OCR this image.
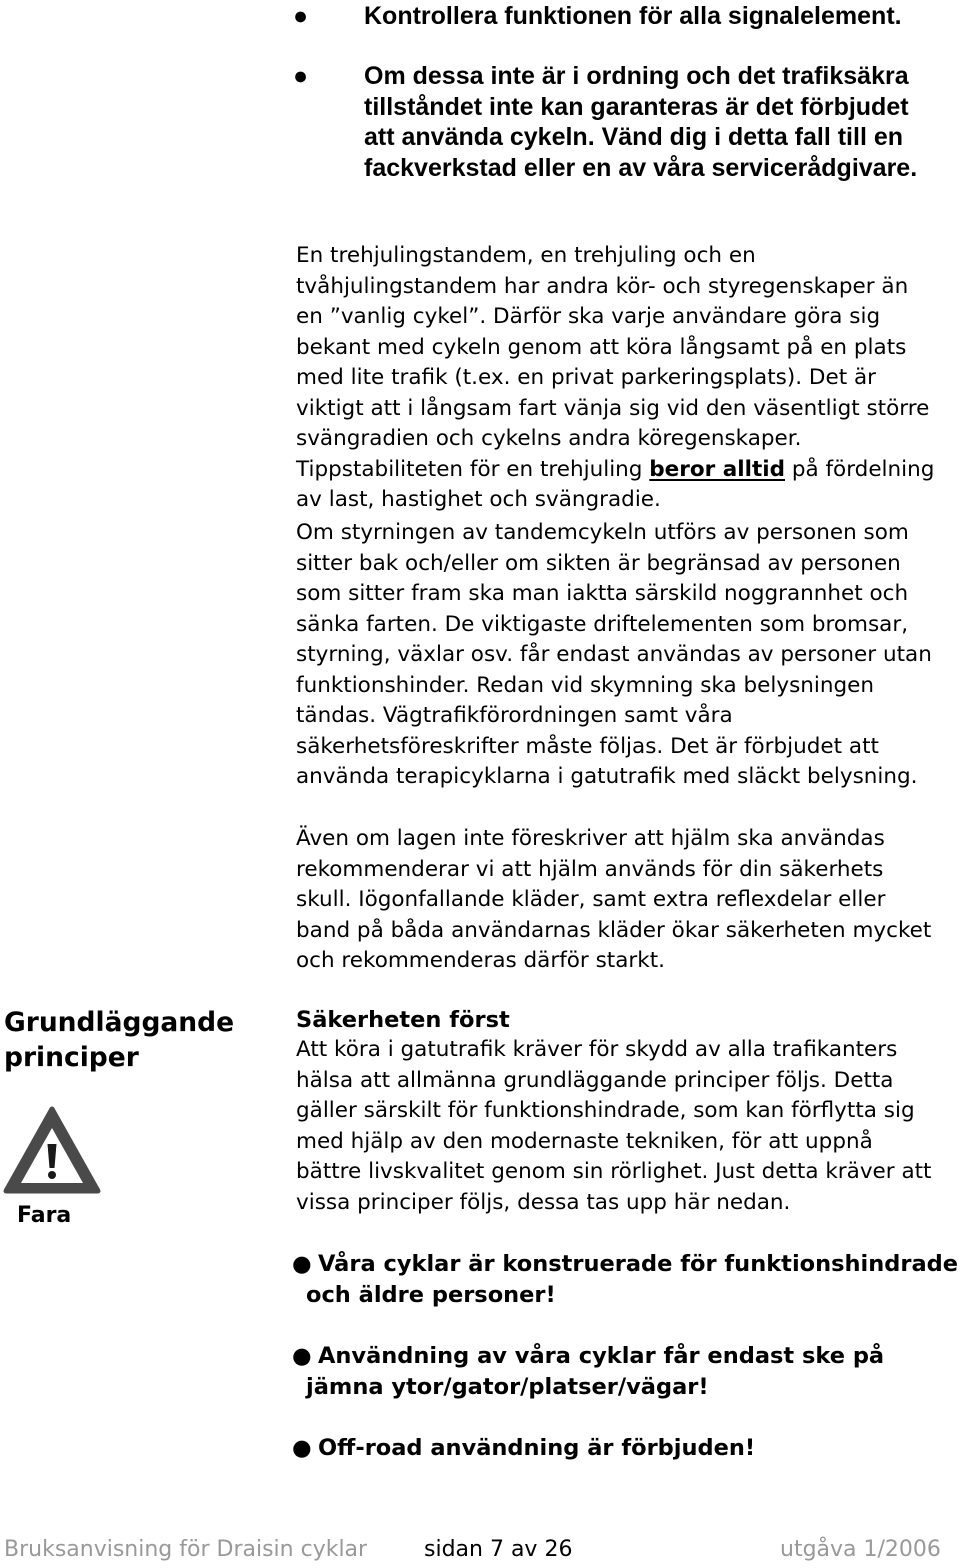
● Kontrollera funktionen för alla signalelement.
● Om dessa inte är i ordning och det trafiksäkra
tillståndet inte kan garanteras är det förbjudet
att använda cykeln. Vänd dig i detta fall till en
fackverkstad eller en av våra servicerådgivare.
En trehjulingstandem, en trehjuling och en
tvåhjulingstandem har andra kör- och styregenskaper än
en ”vanlig cykel”. Därför ska varje användare göra sig
bekant med cykeln genom att köra långsamt på en plats
med lite trafik (t.ex. en privat parkeringsplats). Det är
viktigt att i långsam fart vänja sig vid den väsentligt större
svängradien och cykelns andra köregenskaper.
Tippstabiliteten för en trehjuling beror alltid på fördelning
av last, hastighet och svängradie.
Om styrningen av tandemcykeln utförs av personen som
sitter bak och/eller om sikten är begränsad av personen
som sitter fram ska man iaktta särskild noggrannhet och
sänka farten. De viktigaste driftelementen som bromsar,
styrning, växlar osv. får endast användas av personer utan
funktionshinder. Redan vid skymning ska belysningen
tändas. Vägtrafikförordningen samt våra
säkerhetsföreskrifter måste följas. Det är förbjudet att
använda terapicyklarna i gatutrafik med släckt belysning.
Även om lagen inte föreskriver att hjälm ska användas
rekommenderar vi att hjälm används för din säkerhets
skull. Iögonfallande kläder, samt extra reflexdelar eller
band på båda användarnas kläder ökar säkerheten mycket
och rekommenderas därför starkt.
Grundläggande
principer
Fara
Säkerheten först
Att köra i gatutrafik kräver för skydd av alla trafikanters
hälsa att allmänna grundläggande principer följs. Detta
gäller särskilt för funktionshindrade, som kan förflytta sig
med hjälp av den modernaste tekniken, för att uppnå
bättre livskvalitet genom sin rörlighet. Just detta kräver att
vissa principer följs, dessa tas upp här nedan.
● Våra cyklar är konstruerade för funktionshindrade
och äldre personer!
● Användning av våra cyklar får endast ske på
jämna ytor/gator/platser/vägar!
● Off-road användning är förbjuden!
Bruksanvisning för Draisin cyklar	sidan 7 av 26	utgåva 1/2006
